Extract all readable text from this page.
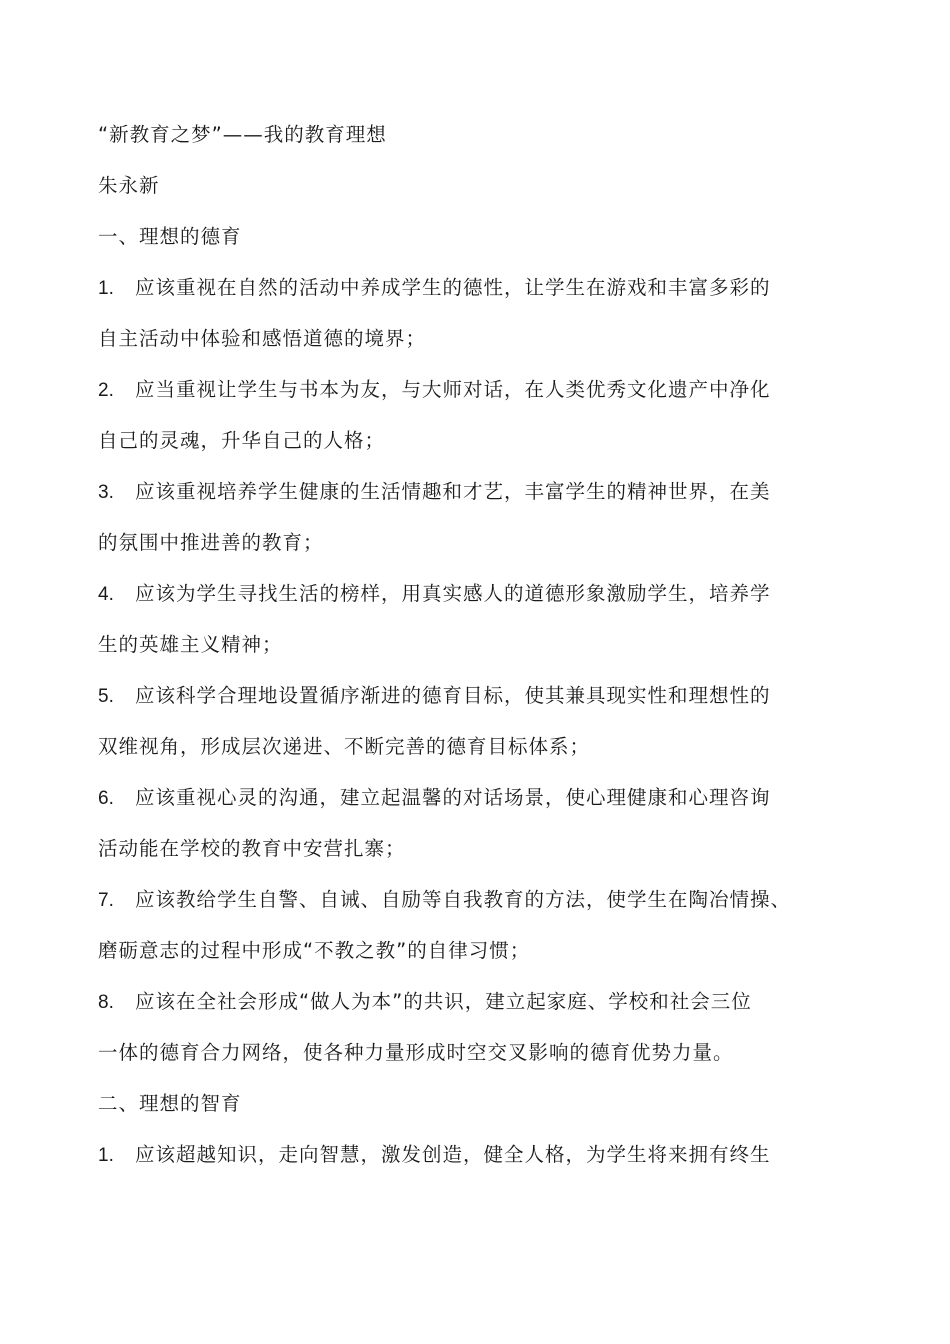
“新教育之梦”——我的教育理想
朱永新
一、理想的德育
1. 应该重视在自然的活动中养成学生的德性，让学生在游戏和丰富多彩的
自主活动中体验和感悟道德的境界；
2. 应当重视让学生与书本为友，与大师对话，在人类优秀文化遗产中净化
自己的灵魂，升华自己的人格；
3. 应该重视培养学生健康的生活情趣和才艺，丰富学生的精神世界，在美
的氛围中推进善的教育；
4. 应该为学生寻找生活的榜样，用真实感人的道德形象激励学生，培养学
生的英雄主义精神；
5. 应该科学合理地设置循序渐进的德育目标，使其兼具现实性和理想性的
双维视角，形成层次递进、不断完善的德育目标体系；
6. 应该重视心灵的沟通，建立起温馨的对话场景，使心理健康和心理咨询
活动能在学校的教育中安营扎寨；
7. 应该教给学生自警、自诫、自励等自我教育的方法，使学生在陶冶情操、
磨砺意志的过程中形成“不教之教”的自律习惯；
8. 应该在全社会形成“做人为本”的共识，建立起家庭、学校和社会三位
一体的德育合力网络，使各种力量形成时空交叉影响的德育优势力量。
二、理想的智育
1. 应该超越知识，走向智慧，激发创造，健全人格，为学生将来拥有终生
